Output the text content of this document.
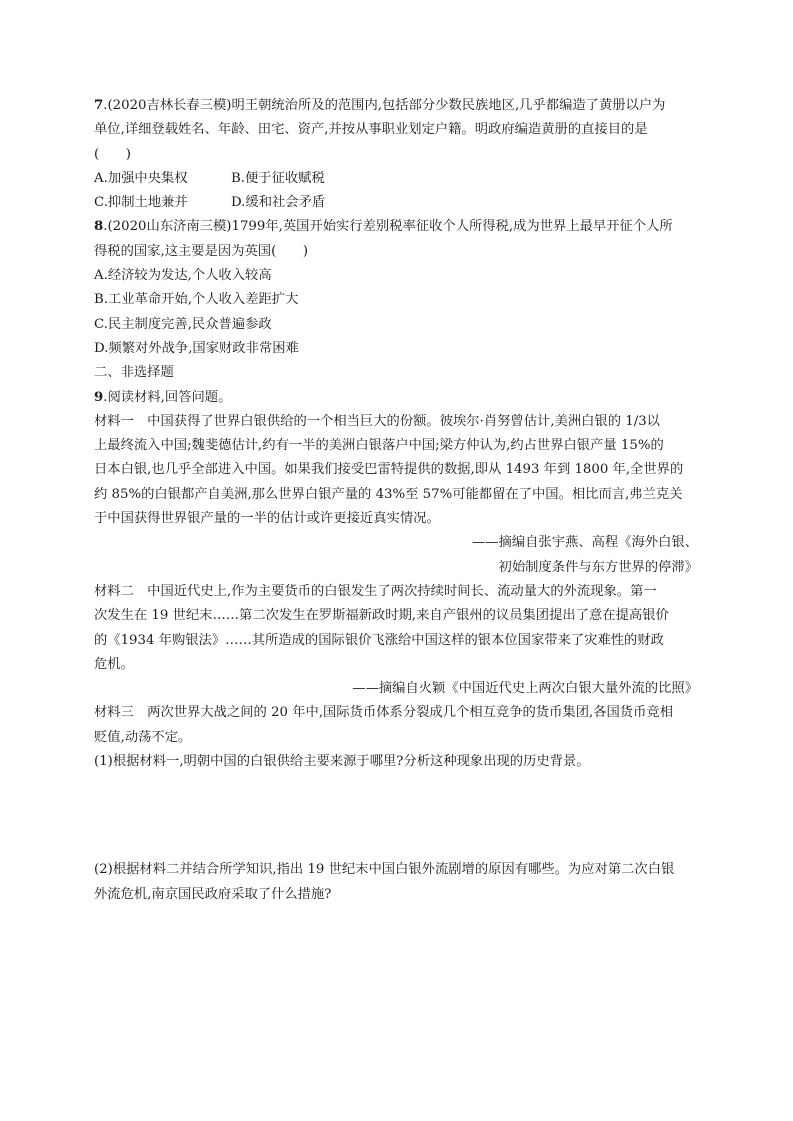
7.(2020吉林长春三模)明王朝统治所及的范围内,包括部分少数民族地区,几乎都编造了黄册以户为
单位,详细登载姓名、年龄、田宅、资产,并按从事职业划定户籍。明政府编造黄册的直接目的是
(　　)
A.加强中央集权	B.便于征收赋税
C.抑制土地兼并	D.缓和社会矛盾
8.(2020山东济南三模)1799年,英国开始实行差别税率征收个人所得税,成为世界上最早开征个人所
得税的国家,这主要是因为英国(　　)
A.经济较为发达,个人收入较高
B.工业革命开始,个人收入差距扩大
C.民主制度完善,民众普遍参政
D.频繁对外战争,国家财政非常困难
二、非选择题
9.阅读材料,回答问题。
材料一　中国获得了世界白银供给的一个相当巨大的份额。彼埃尔·肖努曾估计,美洲白银的 1/3以
上最终流入中国;魏斐德估计,约有一半的美洲白银落户中国;梁方仲认为,约占世界白银产量 15%的
日本白银,也几乎全部进入中国。如果我们接受巴雷特提供的数据,即从 1493 年到 1800 年,全世界的
约 85%的白银都产自美洲,那么世界白银产量的 43%至 57%可能都留在了中国。相比而言,弗兰克关
于中国获得世界银产量的一半的估计或许更接近真实情况。
——摘编自张宇燕、高程《海外白银、
初始制度条件与东方世界的停滞》
材料二　中国近代史上,作为主要货币的白银发生了两次持续时间长、流动量大的外流现象。第一
次发生在 19 世纪末……第二次发生在罗斯福新政时期,来自产银州的议员集团提出了意在提高银价
的《1934 年购银法》……其所造成的国际银价飞涨给中国这样的银本位国家带来了灾难性的财政
危机。
——摘编自火颖《中国近代史上两次白银大量外流的比照》
材料三　两次世界大战之间的 20 年中,国际货币体系分裂成几个相互竞争的货币集团,各国货币竞相
贬值,动荡不定。
(1)根据材料一,明朝中国的白银供给主要来源于哪里?分析这种现象出现的历史背景。
(2)根据材料二并结合所学知识,指出 19 世纪末中国白银外流剧增的原因有哪些。为应对第二次白银
外流危机,南京国民政府采取了什么措施?
